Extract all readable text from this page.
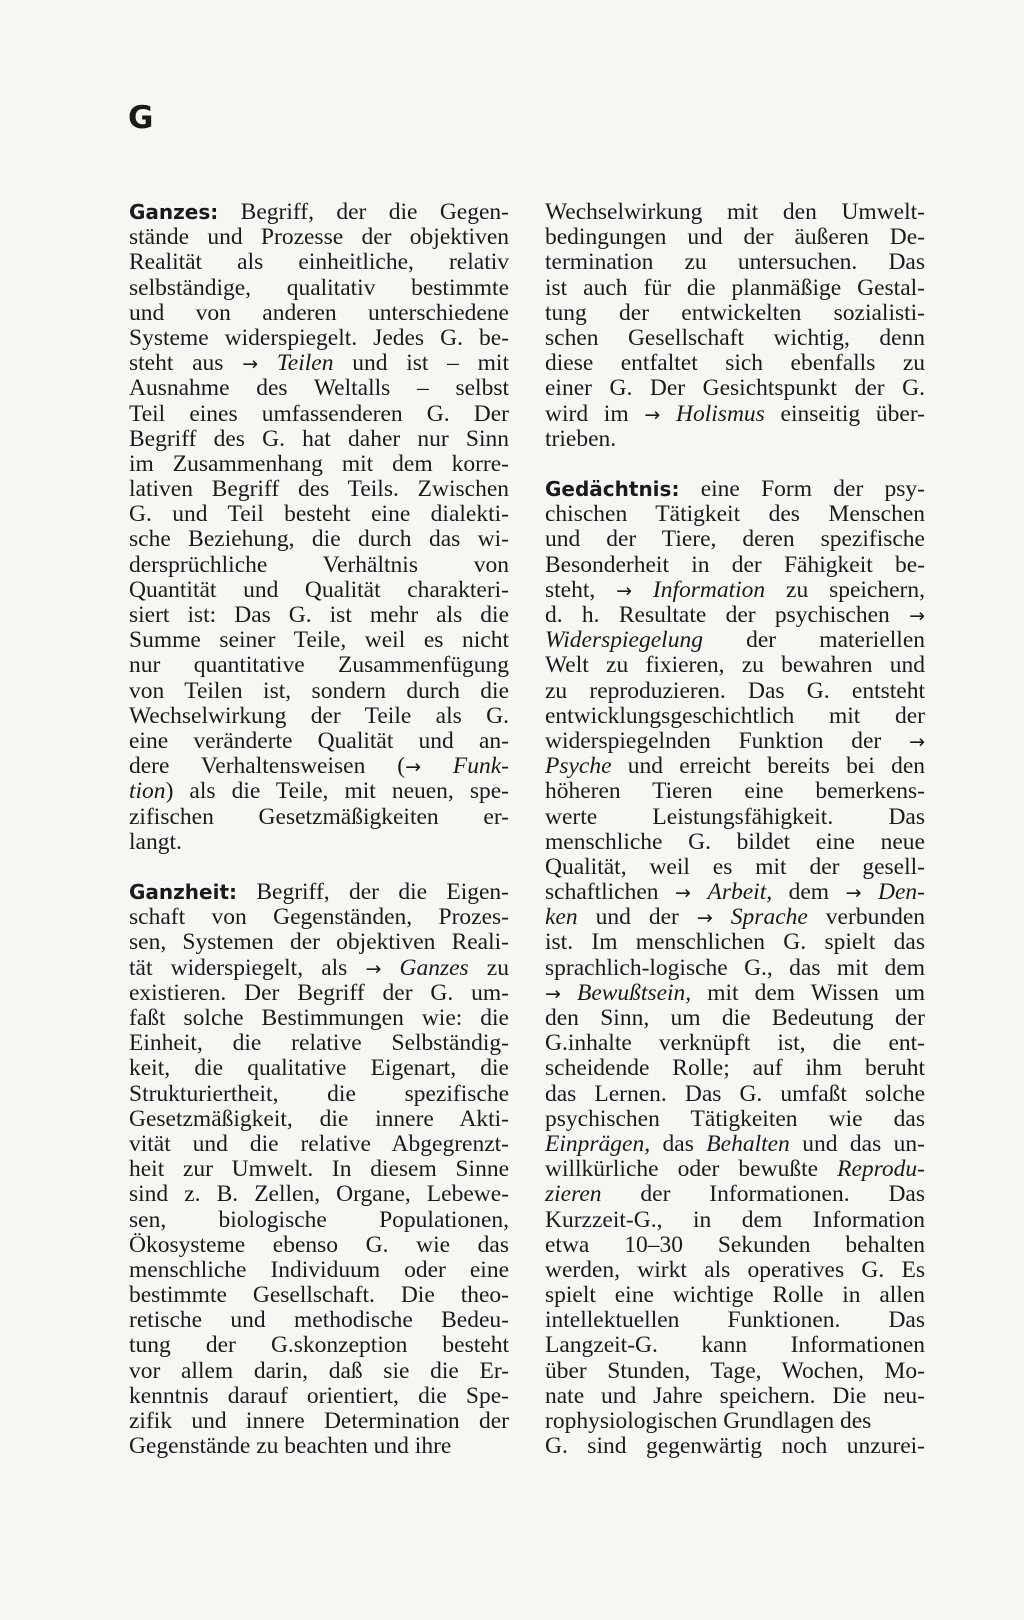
G
Ganzes: Begriff, der die Gegen-
stände und Prozesse der objektiven
Realität als einheitliche, relativ
selbständige, qualitativ bestimmte
und von anderen unterschiedene
Systeme widerspiegelt. Jedes G. be-
steht aus → Teilen und ist – mit
Ausnahme des Weltalls – selbst
Teil eines umfassenderen G. Der
Begriff des G. hat daher nur Sinn
im Zusammenhang mit dem korre-
lativen Begriff des Teils. Zwischen
G. und Teil besteht eine dialekti-
sche Beziehung, die durch das wi-
dersprüchliche Verhältnis von
Quantität und Qualität charakteri-
siert ist: Das G. ist mehr als die
Summe seiner Teile, weil es nicht
nur quantitative Zusammenfügung
von Teilen ist, sondern durch die
Wechselwirkung der Teile als G.
eine veränderte Qualität und an-
dere Verhaltensweisen (→ Funk-
tion) als die Teile, mit neuen, spe-
zifischen Gesetzmäßigkeiten er-
langt.
Ganzheit: Begriff, der die Eigen-
schaft von Gegenständen, Prozes-
sen, Systemen der objektiven Reali-
tät widerspiegelt, als → Ganzes zu
existieren. Der Begriff der G. um-
faßt solche Bestimmungen wie: die
Einheit, die relative Selbständig-
keit, die qualitative Eigenart, die
Strukturiertheit, die spezifische
Gesetzmäßigkeit, die innere Akti-
vität und die relative Abgegrenzt-
heit zur Umwelt. In diesem Sinne
sind z. B. Zellen, Organe, Lebewe-
sen, biologische Populationen,
Ökosysteme ebenso G. wie das
menschliche Individuum oder eine
bestimmte Gesellschaft. Die theo-
retische und methodische Bedeu-
tung der G.skonzeption besteht
vor allem darin, daß sie die Er-
kenntnis darauf orientiert, die Spe-
zifik und innere Determination der
Gegenstände zu beachten und ihre
Wechselwirkung mit den Umwelt-
bedingungen und der äußeren De-
termination zu untersuchen. Das
ist auch für die planmäßige Gestal-
tung der entwickelten sozialisti-
schen Gesellschaft wichtig, denn
diese entfaltet sich ebenfalls zu
einer G. Der Gesichtspunkt der G.
wird im → Holismus einseitig über-
trieben.
Gedächtnis: eine Form der psy-
chischen Tätigkeit des Menschen
und der Tiere, deren spezifische
Besonderheit in der Fähigkeit be-
steht, → Information zu speichern,
d. h. Resultate der psychischen →
Widerspiegelung der materiellen
Welt zu fixieren, zu bewahren und
zu reproduzieren. Das G. entsteht
entwicklungsgeschichtlich mit der
widerspiegelnden Funktion der →
Psyche und erreicht bereits bei den
höheren Tieren eine bemerkens-
werte Leistungsfähigkeit. Das
menschliche G. bildet eine neue
Qualität, weil es mit der gesell-
schaftlichen → Arbeit, dem → Den-
ken und der → Sprache verbunden
ist. Im menschlichen G. spielt das
sprachlich-logische G., das mit dem
→ Bewußtsein, mit dem Wissen um
den Sinn, um die Bedeutung der
G.inhalte verknüpft ist, die ent-
scheidende Rolle; auf ihm beruht
das Lernen. Das G. umfaßt solche
psychischen Tätigkeiten wie das
Einprägen, das Behalten und das un-
willkürliche oder bewußte Reprodu-
zieren der Informationen. Das
Kurzzeit-G., in dem Information
etwa 10–30 Sekunden behalten
werden, wirkt als operatives G. Es
spielt eine wichtige Rolle in allen
intellektuellen Funktionen. Das
Langzeit-G. kann Informationen
über Stunden, Tage, Wochen, Mo-
nate und Jahre speichern. Die neu-
rophysiologischen Grundlagen des
G. sind gegenwärtig noch unzurei-
